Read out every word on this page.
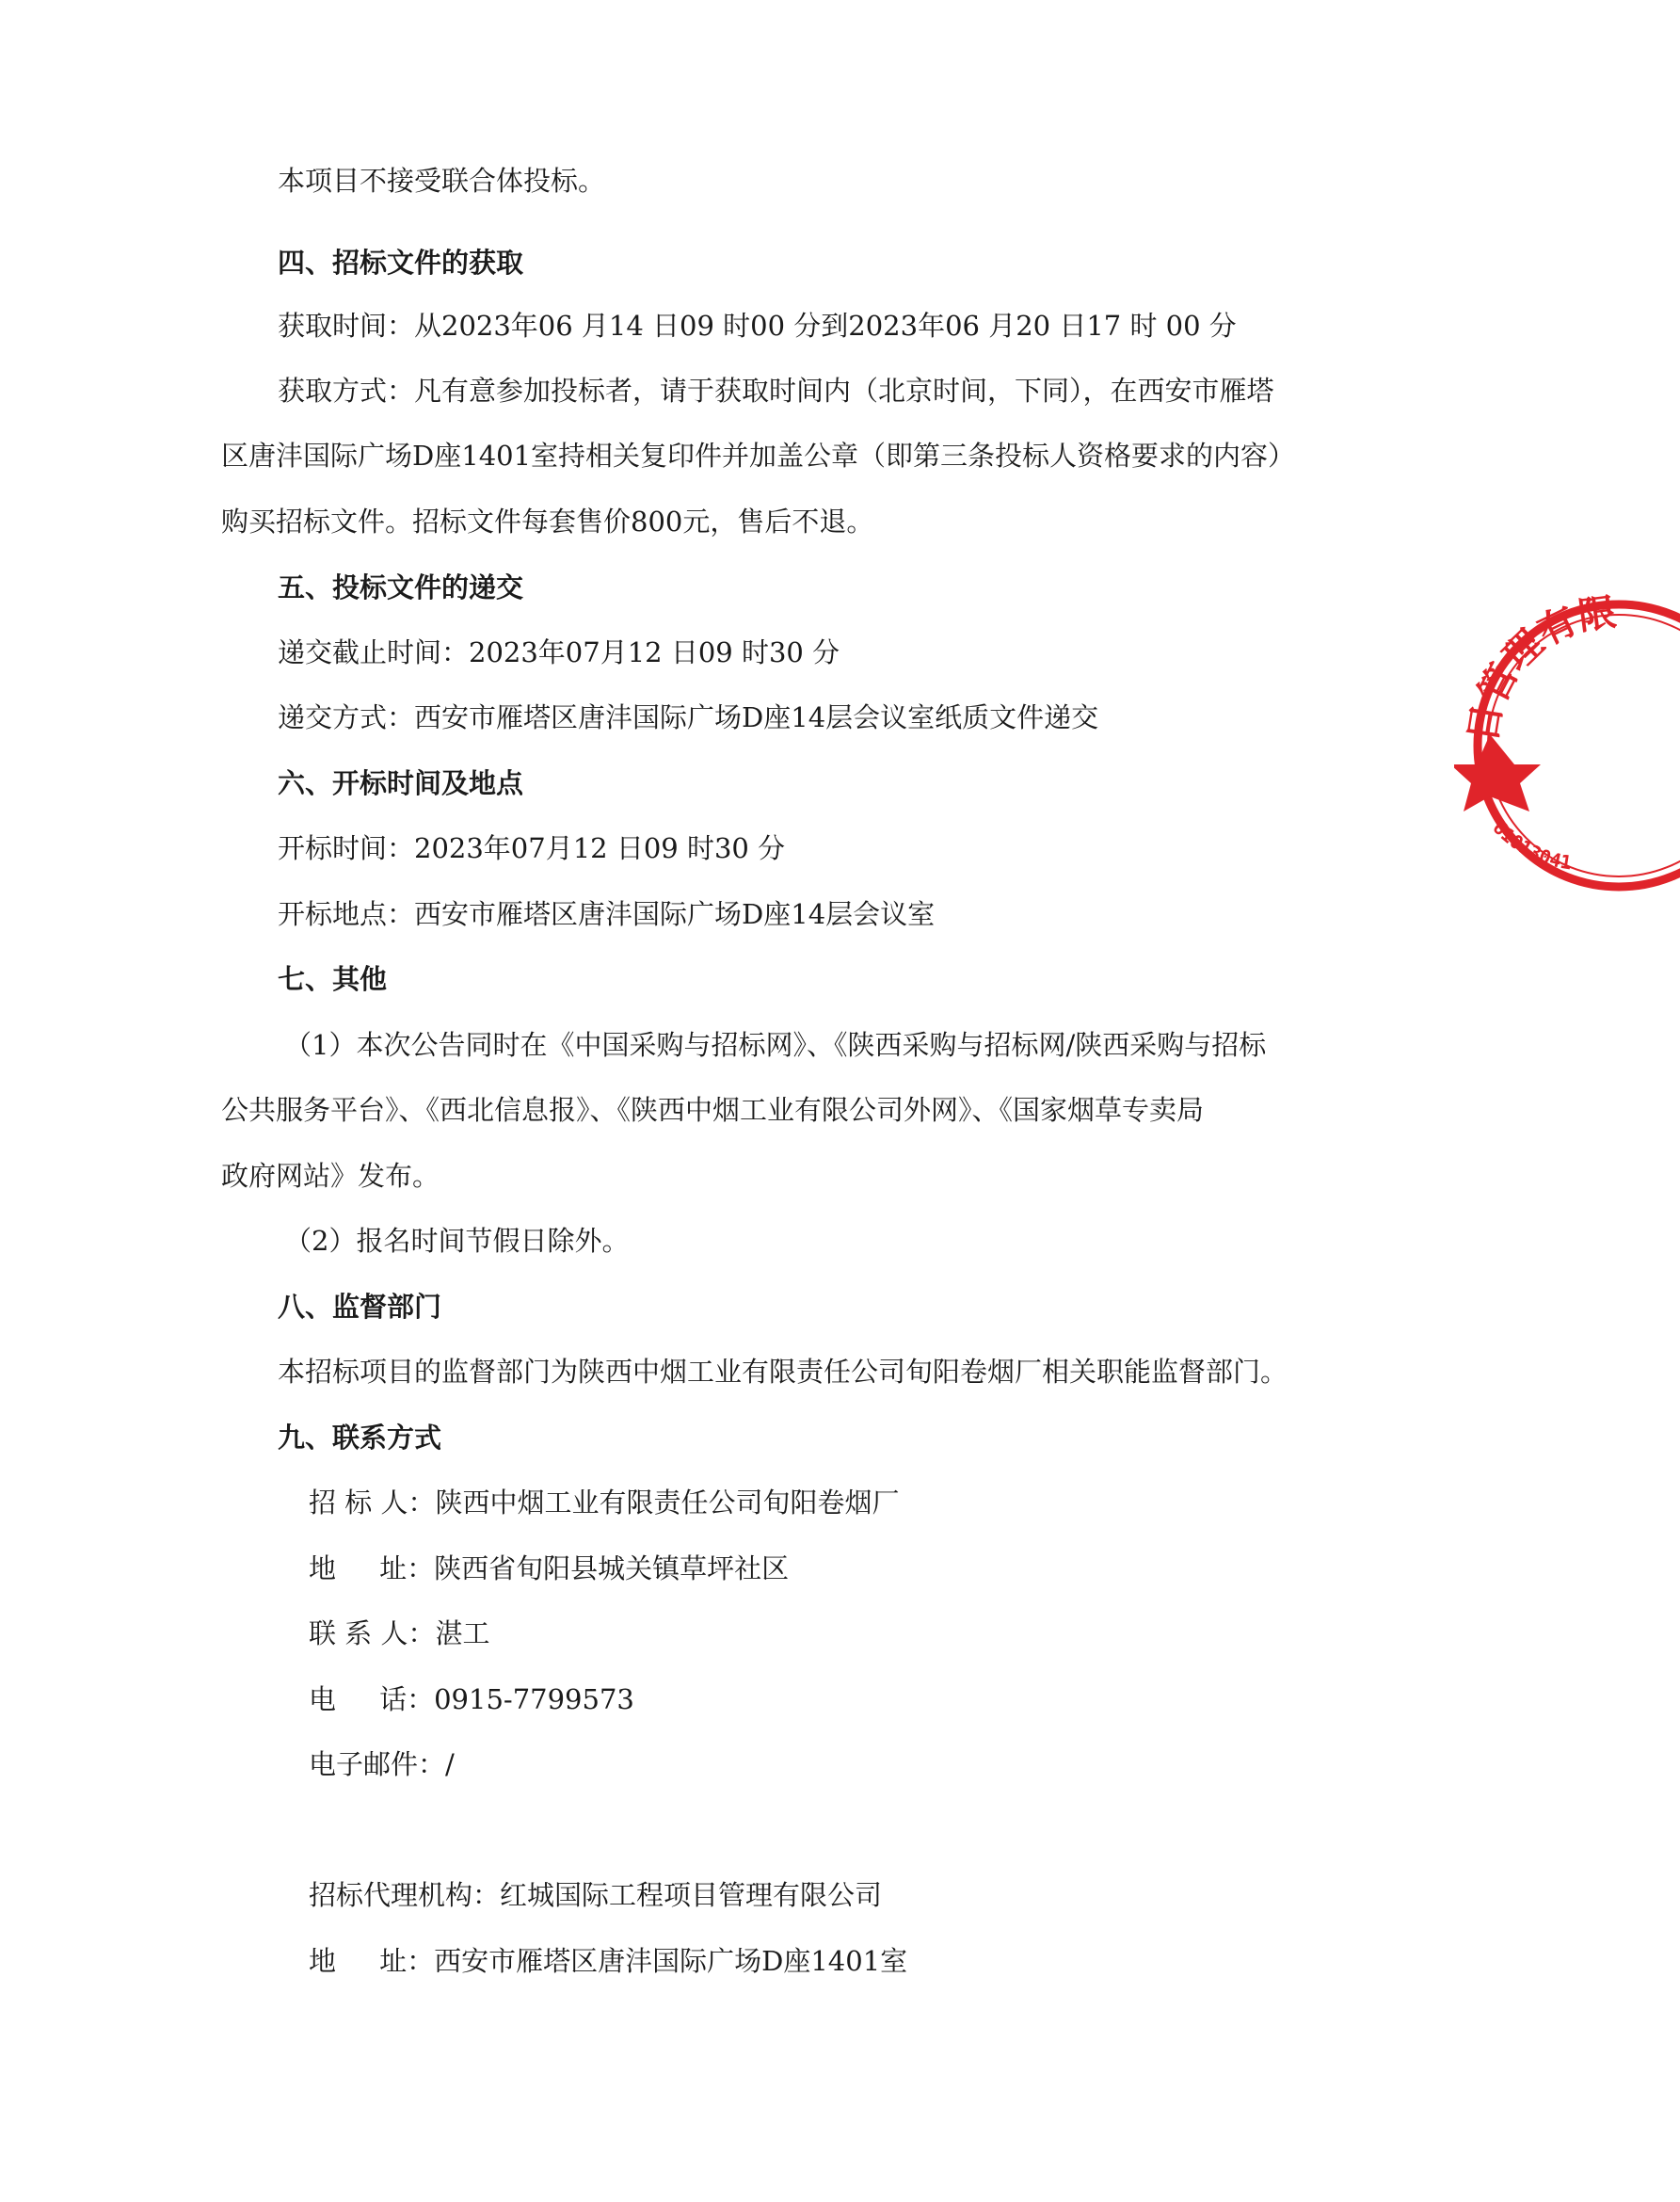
本项目不接受联合体投标。
四、招标文件的获取
获取时间：从2023年06 月14 日09 时00 分到2023年06 月20 日17 时 00 分
获取方式：凡有意参加投标者，请于获取时间内（北京时间，下同），在西安市雁塔
区唐沣国际广场D座1401室持相关复印件并加盖公章（即第三条投标人资格要求的内容）
购买招标文件。招标文件每套售价800元，售后不退。
五、投标文件的递交
递交截止时间：2023年07月12 日09 时30 分
递交方式：西安市雁塔区唐沣国际广场D座14层会议室纸质文件递交
六、开标时间及地点
开标时间：2023年07月12 日09 时30 分
开标地点：西安市雁塔区唐沣国际广场D座14层会议室
七、其他
（1）本次公告同时在《中国采购与招标网》、《陕西采购与招标网/陕西采购与招标
公共服务平台》、《西北信息报》、《陕西中烟工业有限公司外网》、《国家烟草专卖局
政府网站》发布。
（2）报名时间节假日除外。
八、监督部门
本招标项目的监督部门为陕西中烟工业有限责任公司旬阳卷烟厂相关职能监督部门。
九、联系方式
招 标 人：陕西中烟工业有限责任公司旬阳卷烟厂
地     址：陕西省旬阳县城关镇草坪社区
联 系 人：湛工
电     话：0915-7799573
电子邮件：/
招标代理机构：红城国际工程项目管理有限公司
地     址：西安市雁塔区唐沣国际广场D座1401室
目管理有限
61013041
